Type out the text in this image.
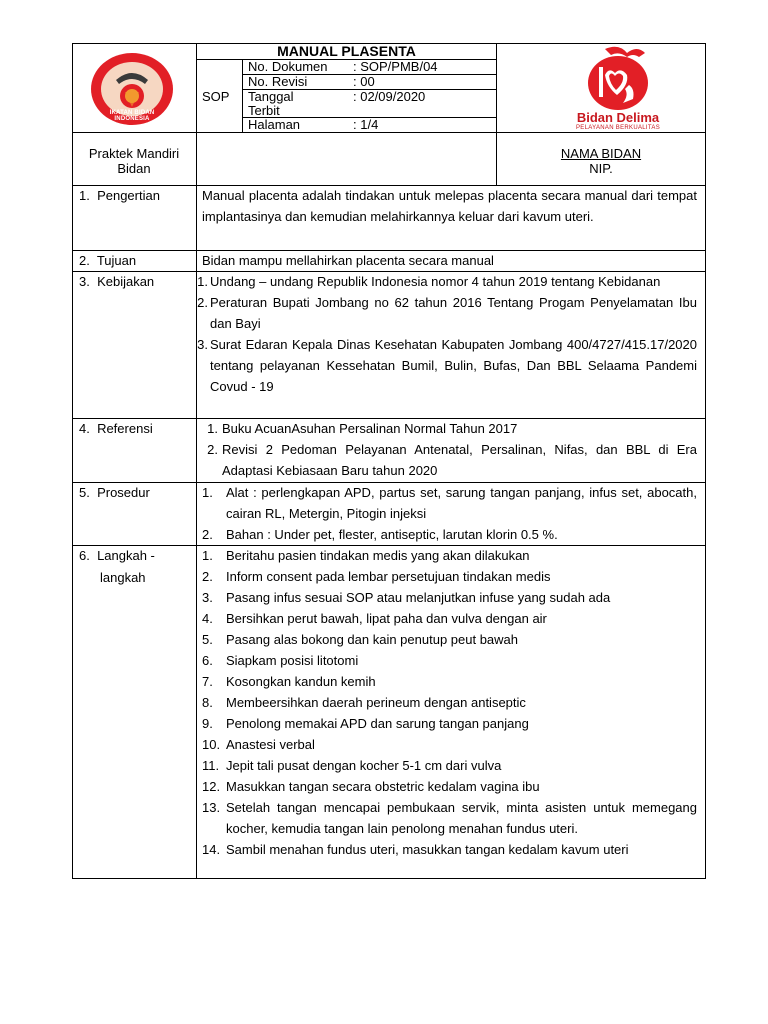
MANUAL PLASENTA
SOP
No. Dokumen : SOP/PMB/04
No. Revisi	: 00
Tanggal Terbit
: 02/09/2020
Halaman	: 1/4
IKATAN BIDAN INDONESIA	Bidan Delima
PELAYANAN BERKUALITAS
Praktek Mandiri Bidan
NAMA BIDAN
NIP.
1.  Pengertian	Manual placenta adalah tindakan untuk melepas placenta secara manual dari tempat implantasinya dan kemudian melahirkannya keluar dari kavum uteri.
2.  Tujuan	Bidan mampu mellahirkan placenta secara manual
3.  Kebijakan	1. Undang – undang Republik Indonesia nomor 4 tahun 2019 tentang Kebidanan
2. Peraturan Bupati Jombang no 62 tahun 2016 Tentang Progam Penyelamatan Ibu dan Bayi
3. Surat Edaran Kepala Dinas Kesehatan Kabupaten Jombang 400/4727/415.17/2020 tentang pelayanan Kessehatan Bumil, Bulin, Bufas, Dan BBL Selaama Pandemi Covud - 19
4.  Referensi	1. Buku AcuanAsuhan Persalinan Normal Tahun 2017
2. Revisi 2 Pedoman Pelayanan Antenatal, Persalinan, Nifas, dan BBL di Era Adaptasi Kebiasaan Baru tahun 2020
5.  Prosedur	1.	Alat : perlengkapan APD, partus set, sarung tangan panjang, infus set, abocath, cairan RL, Metergin, Pitogin injeksi
2.	Bahan : Under pet, flester, antiseptic, larutan klorin 0.5 %.
6.  Langkah -
langkah
1.	Beritahu pasien tindakan medis yang akan dilakukan
2.	Inform consent pada lembar persetujuan tindakan medis
3.	Pasang infus sesuai SOP atau melanjutkan infuse yang sudah ada
4.	Bersihkan perut bawah, lipat paha dan vulva dengan air
5.	Pasang alas bokong dan kain penutup peut bawah
6.	Siapkam posisi litotomi
7.	Kosongkan kandun kemih
8.	Membeersihkan daerah perineum dengan antiseptic
9.	Penolong memakai APD dan sarung tangan panjang
10. Anastesi verbal
11. Jepit tali pusat dengan kocher 5-1 cm dari vulva
12. Masukkan tangan secara obstetric kedalam vagina ibu
13. Setelah tangan mencapai pembukaan servik, minta asisten untuk memegang kocher, kemudia tangan lain penolong menahan fundus uteri.
14. Sambil menahan fundus uteri, masukkan tangan kedalam kavum uteri
